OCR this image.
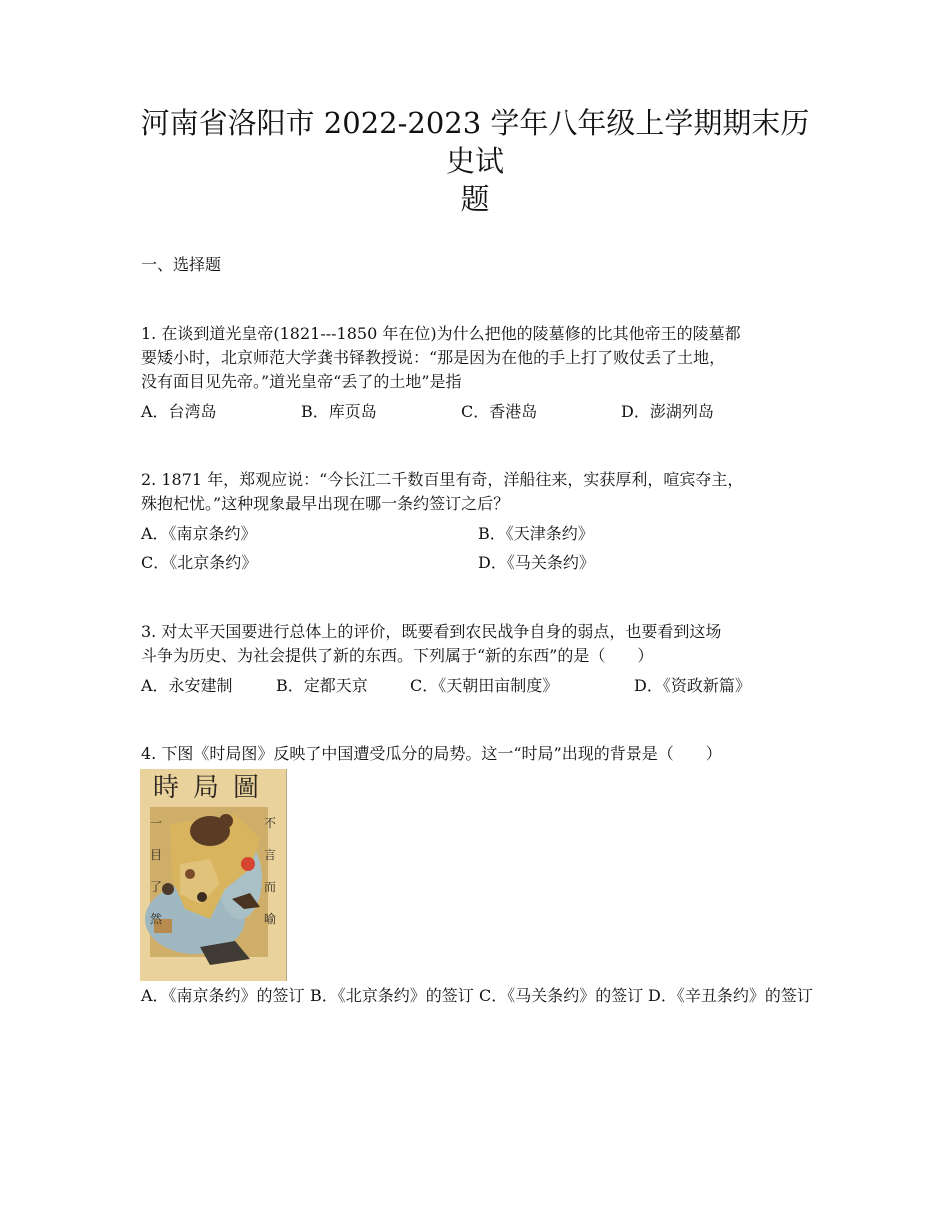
河南省洛阳市 2022-2023 学年八年级上学期期末历史试
题
一、选择题
1. 在谈到道光皇帝(1821---1850 年在位)为什么把他的陵墓修的比其他帝王的陵墓都
要矮小时，北京师范大学龚书铎教授说：“那是因为在他的手上打了败仗丢了土地，
没有面目见先帝。”道光皇帝“丢了的土地”是指
A．台湾岛	B．库页岛	C．香港岛	D．澎湖列岛
2. 1871 年，郑观应说：“今长江二千数百里有奇，洋船往来，实获厚利，喧宾夺主，
殊抱杞忧。”这种现象最早出现在哪一条约签订之后？
A．《南京条约》	B．《天津条约》
C．《北京条约》	D．《马关条约》
3. 对太平天国要进行总体上的评价，既要看到农民战争自身的弱点，也要看到这场
斗争为历史、为社会提供了新的东西。下列属于“新的东西”的是（　　）
A．永安建制	B．定都天京	C．《天朝田亩制度》	D．《资政新篇》
4. 下图《时局图》反映了中国遭受瓜分的局势。这一“时局”出现的背景是（　　）
時局圖
一
目
了
然
不
言
而
喻
A．《南京条约》的签订 B．《北京条约》的签订 C．《马关条约》的签订 D．《辛丑条约》的签订
